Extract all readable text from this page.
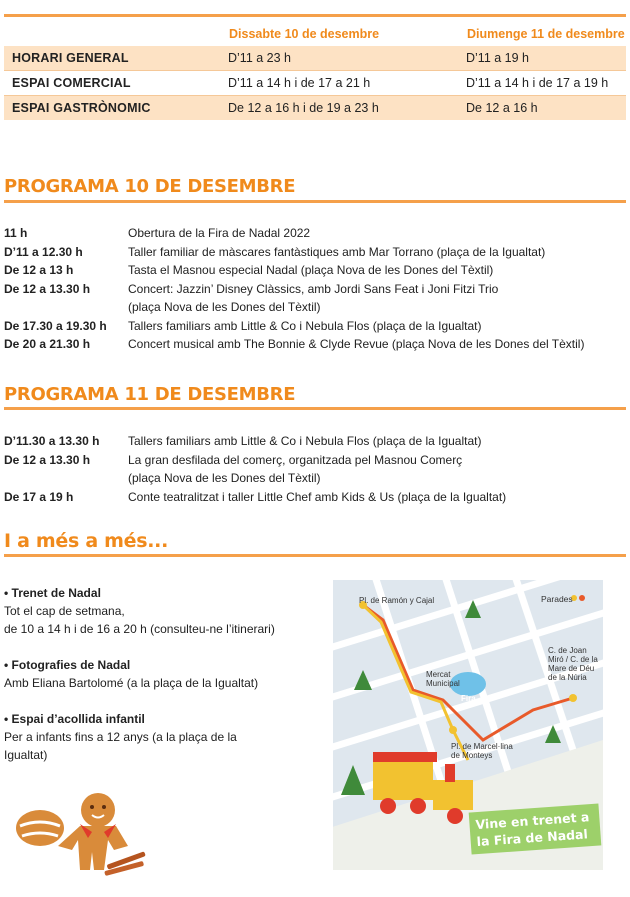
	Dissabte 10 de desembre	Diumenge 11 de desembre
HORARI GENERAL	D’11 a 23 h	D’11 a 19 h
ESPAI COMERCIAL	D’11 a 14 h i de 17 a 21 h	D’11 a 14 h i de 17 a 19 h
ESPAI GASTRÒNOMIC	De 12 a 16 h i de 19 a 23 h	De 12 a 16 h
PROGRAMA 10 DE DESEMBRE
11 h	Obertura de la Fira de Nadal 2022
D’11 a 12.30 h	Taller familiar de màscares fantàstiques amb Mar Torrano (plaça de la Igualtat)
De 12 a 13 h	Tasta el Masnou especial Nadal (plaça Nova de les Dones del Tèxtil)
De 12 a 13.30 h	Concert: Jazzin’ Disney Clàssics, amb Jordi Sans Feat i Joni Fitzi Trio
(plaça Nova de les Dones del Tèxtil)
De 17.30 a 19.30 h	Tallers familiars amb Little & Co i Nebula Flos (plaça de la Igualtat)
De 20 a 21.30 h	Concert musical amb The Bonnie & Clyde Revue (plaça Nova de les Dones del Tèxtil)
PROGRAMA 11 DE DESEMBRE
D’11.30 a 13.30 h	Tallers familiars amb Little & Co i Nebula Flos (plaça de la Igualtat)
De 12 a 13.30 h	La gran desfilada del comerç, organitzada pel Masnou Comerç
(plaça Nova de les Dones del Tèxtil)
De 17 a 19 h	Conte teatralitzat i taller Little Chef amb Kids & Us (plaça de la Igualtat)
I a més a més...
• Trenet de Nadal
Tot el cap de setmana,
de 10 a 14 h i de 16 a 20 h (consulteu-ne l’itinerari)
• Fotografies de Nadal
Amb Eliana Bartolomé (a la plaça de la Igualtat)
• Espai d’acollida infantil
Per a infants fins a 12 anys (a la plaça de la
Igualtat)
Pl. de Ramón y Cajal	Parades
Mercat Municipal
Fira
C. de Joan Miró / C. de la Mare de Déu de la Núria
Pl. de Marcel·lina de Monteys
Vine en trenet a la Fira de Nadal
